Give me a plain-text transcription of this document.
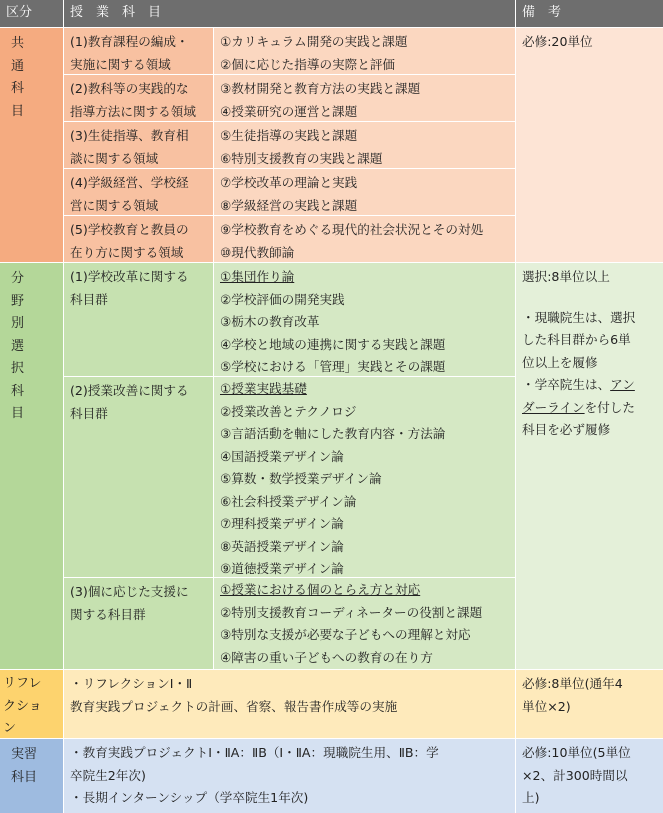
区分	授業科目	備考
共
通
科
目
(1)教育課程の編成・
実施に関する領域
①カリキュラム開発の実践と課題
②個に応じた指導の実際と評価
(2)教科等の実践的な
指導方法に関する領域
③教材開発と教育方法の実践と課題
④授業研究の運営と課題
(3)生徒指導、教育相
談に関する領域
⑤生徒指導の実践と課題
⑥特別支援教育の実践と課題
(4)学級経営、学校経
営に関する領域
⑦学校改革の理論と実践
⑧学級経営の実践と課題
(5)学校教育と教員の
在り方に関する領域
⑨学校教育をめぐる現代的社会状況とその対処
⑩現代教師論
必修:20単位
分
野
別
選
択
科
目
(1)学校改革に関する
科目群
①集団作り論
②学校評価の開発実践
③栃木の教育改革
④学校と地域の連携に関する実践と課題
⑤学校における「管理」実践とその課題
(2)授業改善に関する
科目群
①授業実践基礎
②授業改善とテクノロジ
③言語活動を軸にした教育内容・方法論
④国語授業デザイン論
⑤算数・数学授業デザイン論
⑥社会科授業デザイン論
⑦理科授業デザイン論
⑧英語授業デザイン論
⑨道徳授業デザイン論
(3)個に応じた支援に
関する科目群
①授業における個のとらえ方と対応
②特別支援教育コーディネーターの役割と課題
③特別な支援が必要な子どもへの理解と対応
④障害の重い子どもへの教育の在り方
選択:8単位以上
・現職院生は、選択
した科目群から6単
位以上を履修
・学卒院生は、アン
ダーラインを付した
科目を必ず履修
リフレ
クショ
ン
・リフレクションⅠ・Ⅱ
教育実践プロジェクトの計画、省察、報告書作成等の実施
必修:8単位(通年4
単位×2)
実習
科目
・教育実践プロジェクトⅠ・ⅡA：ⅡB（Ⅰ・ⅡA：現職院生用、ⅡB：学
卒院生2年次)
・長期インターンシップ（学卒院生1年次)
必修:10単位(5単位
×2、計300時間以
上)
